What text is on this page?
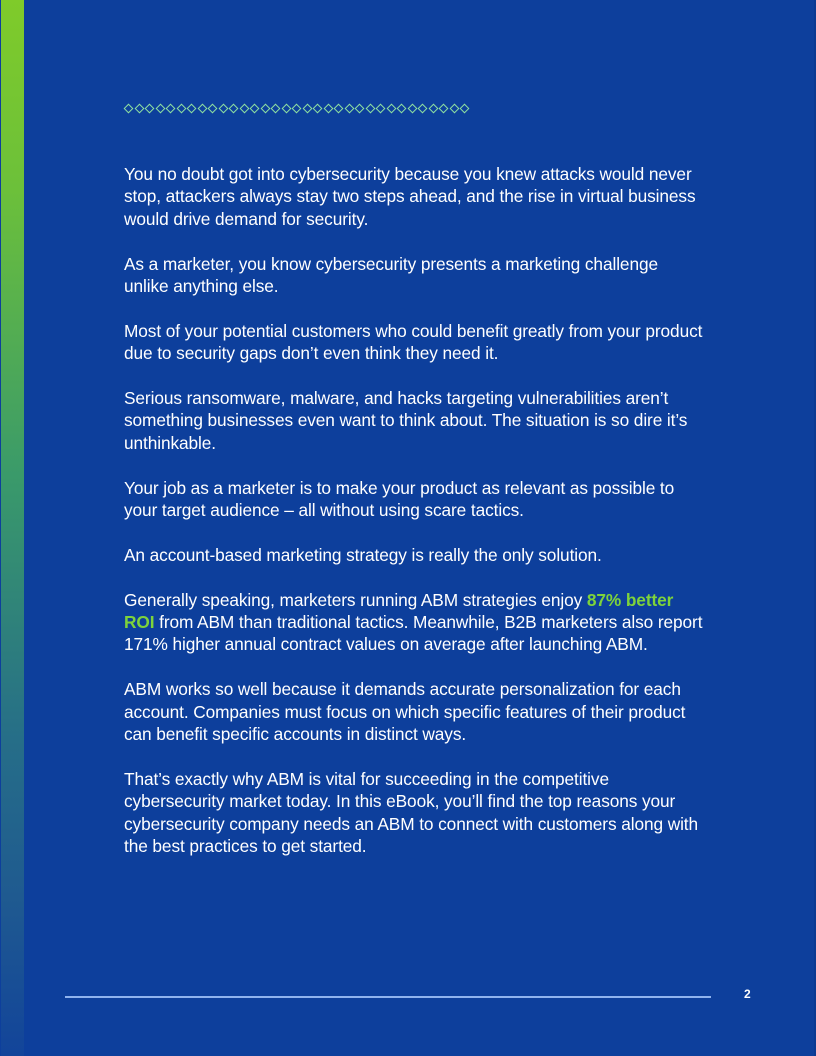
You no doubt got into cybersecurity because you knew attacks would never stop, attackers always stay two steps ahead, and the rise in virtual business would drive demand for security.

As a marketer, you know cybersecurity presents a marketing challenge unlike anything else.

Most of your potential customers who could benefit greatly from your product due to security gaps don’t even think they need it.

Serious ransomware, malware, and hacks targeting vulnerabilities aren’t something businesses even want to think about. The situation is so dire it’s unthinkable.

Your job as a marketer is to make your product as relevant as possible to your target audience – all without using scare tactics.

An account-based marketing strategy is really the only solution.

Generally speaking, marketers running ABM strategies enjoy 87% better ROI from ABM than traditional tactics. Meanwhile, B2B marketers also report 171% higher annual contract values on average after launching ABM.

ABM works so well because it demands accurate personalization for each account. Companies must focus on which specific features of their product can benefit specific accounts in distinct ways.

That’s exactly why ABM is vital for succeeding in the competitive cybersecurity market today. In this eBook, you’ll find the top reasons your cybersecurity company needs an ABM to connect with customers along with the best practices to get started.

2
